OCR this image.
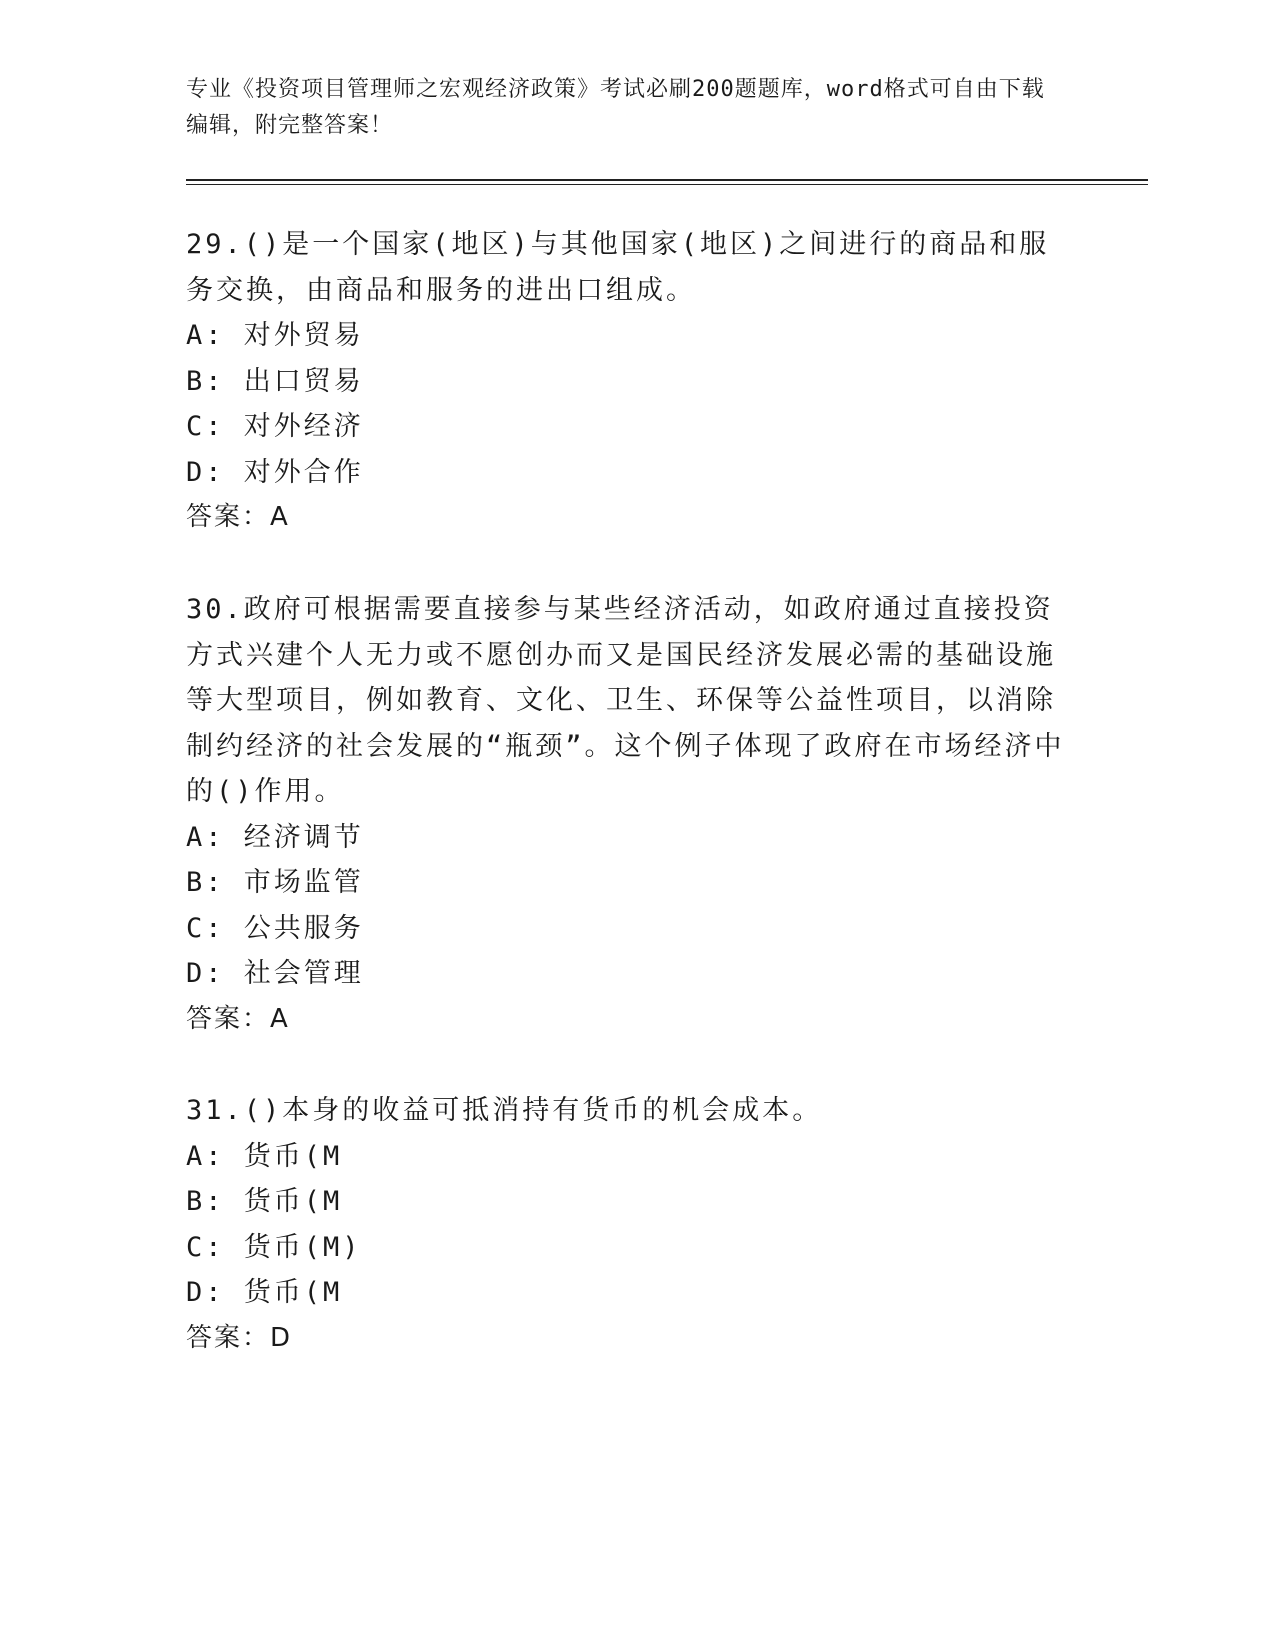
专业《投资项目管理师之宏观经济政策》考试必刷200题题库，word格式可自由下载编辑，附完整答案！

29.()是一个国家(地区)与其他国家(地区)之间进行的商品和服务交换，由商品和服务的进出口组成。

A: 对外贸易

B: 出口贸易

C: 对外经济

D: 对外合作

答案：A

30.政府可根据需要直接参与某些经济活动，如政府通过直接投资方式兴建个人无力或不愿创办而又是国民经济发展必需的基础设施等大型项目，例如教育、文化、卫生、环保等公益性项目，以消除制约经济的社会发展的“瓶颈”。这个例子体现了政府在市场经济中的()作用。

A: 经济调节

B: 市场监管

C: 公共服务

D: 社会管理

答案：A

31.()本身的收益可抵消持有货币的机会成本。

A: 货币(M

B: 货币(M

C: 货币(M)

D: 货币(M

答案：D
